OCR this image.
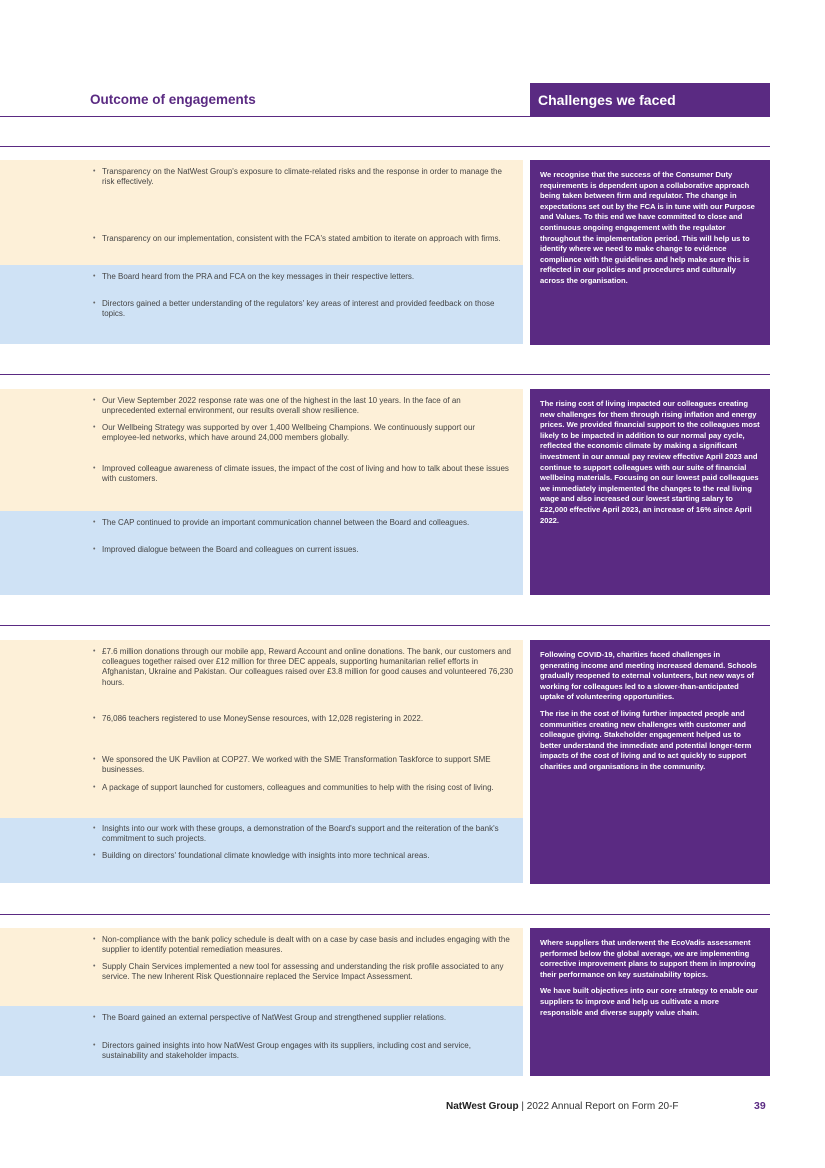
Outcome of engagements	Challenges we faced
• Transparency on the NatWest Group's exposure to climate-related risks and the response in order to manage the risk effectively.
• Transparency on our implementation, consistent with the FCA's stated ambition to iterate on approach with firms.
• The Board heard from the PRA and FCA on the key messages in their respective letters.
• Directors gained a better understanding of the regulators' key areas of interest and provided feedback on those topics.

We recognise that the success of the Consumer Duty requirements is dependent upon a collaborative approach being taken between firm and regulator. The change in expectations set out by the FCA is in tune with our Purpose and Values. To this end we have committed to close and continuous ongoing engagement with the regulator throughout the implementation period. This will help us to identify where we need to make change to evidence compliance with the guidelines and help make sure this is reflected in our policies and procedures and culturally across the organisation.

• Our View September 2022 response rate was one of the highest in the last 10 years. In the face of an unprecedented external environment, our results overall show resilience.
• Our Wellbeing Strategy was supported by over 1,400 Wellbeing Champions. We continuously support our employee-led networks, which have around 24,000 members globally.
• Improved colleague awareness of climate issues, the impact of the cost of living and how to talk about these issues with customers.
• The CAP continued to provide an important communication channel between the Board and colleagues.
• Improved dialogue between the Board and colleagues on current issues.

The rising cost of living impacted our colleagues creating new challenges for them through rising inflation and energy prices. We provided financial support to the colleagues most likely to be impacted in addition to our normal pay cycle, reflected the economic climate by making a significant investment in our annual pay review effective April 2023 and continue to support colleagues with our suite of financial wellbeing materials. Focusing on our lowest paid colleagues we immediately implemented the changes to the real living wage and also increased our lowest starting salary to £22,000 effective April 2023, an increase of 16% since April 2022.

• £7.6 million donations through our mobile app, Reward Account and online donations. The bank, our customers and colleagues together raised over £12 million for three DEC appeals, supporting humanitarian relief efforts in Afghanistan, Ukraine and Pakistan. Our colleagues raised over £3.8 million for good causes and volunteered 76,230 hours.
• 76,086 teachers registered to use MoneySense resources, with 12,028 registering in 2022.
• We sponsored the UK Pavilion at COP27. We worked with the SME Transformation Taskforce to support SME businesses.
• A package of support launched for customers, colleagues and communities to help with the rising cost of living.
• Insights into our work with these groups, a demonstration of the Board's support and the reiteration of the bank's commitment to such projects.
• Building on directors' foundational climate knowledge with insights into more technical areas.

Following COVID-19, charities faced challenges in generating income and meeting increased demand. Schools gradually reopened to external volunteers, but new ways of working for colleagues led to a slower-than-anticipated uptake of volunteering opportunities.

The rise in the cost of living further impacted people and communities creating new challenges with customer and colleague giving. Stakeholder engagement helped us to better understand the immediate and potential longer-term impacts of the cost of living and to act quickly to support charities and organisations in the community.

• Non-compliance with the bank policy schedule is dealt with on a case by case basis and includes engaging with the supplier to identify potential remediation measures.
• Supply Chain Services implemented a new tool for assessing and understanding the risk profile associated to any service. The new Inherent Risk Questionnaire replaced the Service Impact Assessment.
• The Board gained an external perspective of NatWest Group and strengthened supplier relations.
• Directors gained insights into how NatWest Group engages with its suppliers, including cost and service, sustainability and stakeholder impacts.

Where suppliers that underwent the EcoVadis assessment performed below the global average, we are implementing corrective improvement plans to support them in improving their performance on key sustainability topics.

We have built objectives into our core strategy to enable our suppliers to improve and help us cultivate a more responsible and diverse supply value chain.

NatWest Group | 2022 Annual Report on Form 20-F	39
